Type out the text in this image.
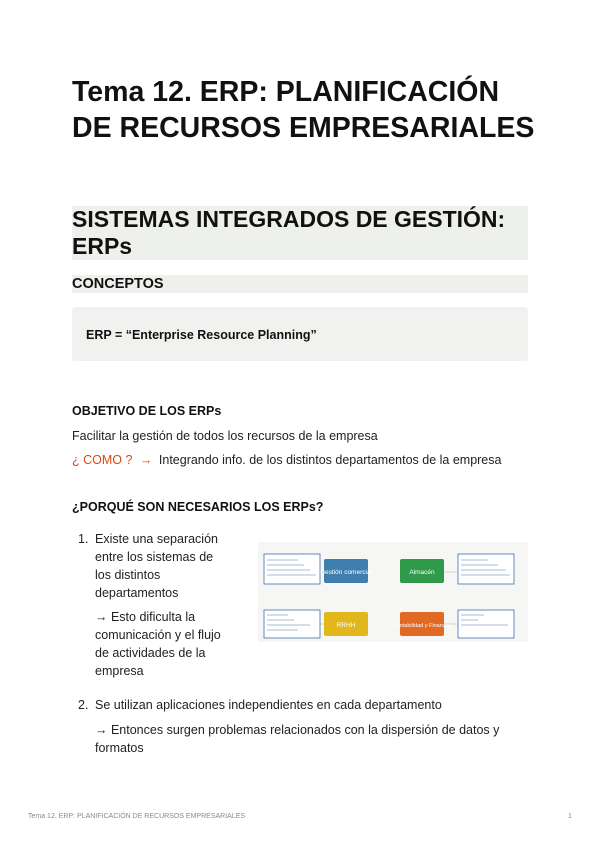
Tema 12. ERP: PLANIFICACIÓN DE RECURSOS EMPRESARIALES
SISTEMAS INTEGRADOS DE GESTIÓN: ERPs
CONCEPTOS
ERP = “Enterprise Resource Planning”
OBJETIVO DE LOS ERPs
Facilitar la gestión de todos los recursos de la empresa
¿ COMO ? → Integrando info. de los distintos departamentos de la empresa
¿PORQUÉ SON NECESARIOS LOS ERPs?
1. Existe una separación
entre los sistemas de
los distintos
departamentos
→ Esto dificulta la
comunicación y el flujo
de actividades de la
empresa
Gestión comercial	Almacén
RRHH	Contabilidad y Finanzas
2. Se utilizan aplicaciones independientes en cada departamento
→ Entonces surgen problemas relacionados con la dispersión de datos y
formatos
Tema 12. ERP: PLANIFICACIÓN DE RECURSOS EMPRESARIALES	1
